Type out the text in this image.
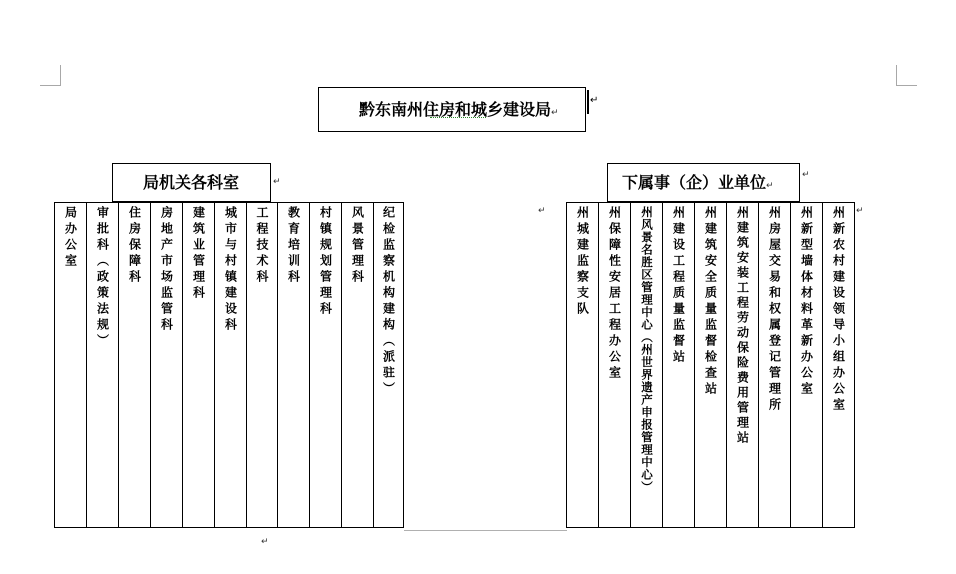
黔东南州住房和城乡建设局↵
↵
局机关各科室	↵	下属事（企）业单位↵
↵
局办公室	审批科︵政策法规︶	住房保障科	房地产市场监管科	建筑业管理科	城市与村镇建设科	工程技术科	教育培训科	村镇规划管理科	风景管理科	纪检监察机构建构︵派驻︶	↵ 州城建监察支队	州保障性安居工程办公室	州风景名胜区管理中心︵州世界遗产申报管理中心︶	州建设工程质量监督站	州建筑安全质量监督检查站	州建筑安装工程劳动保险费用管理站	州房屋交易和权属登记管理所	州新型墙体材料革新办公室	州新农村建设领导小组办公室 ↵
↵
